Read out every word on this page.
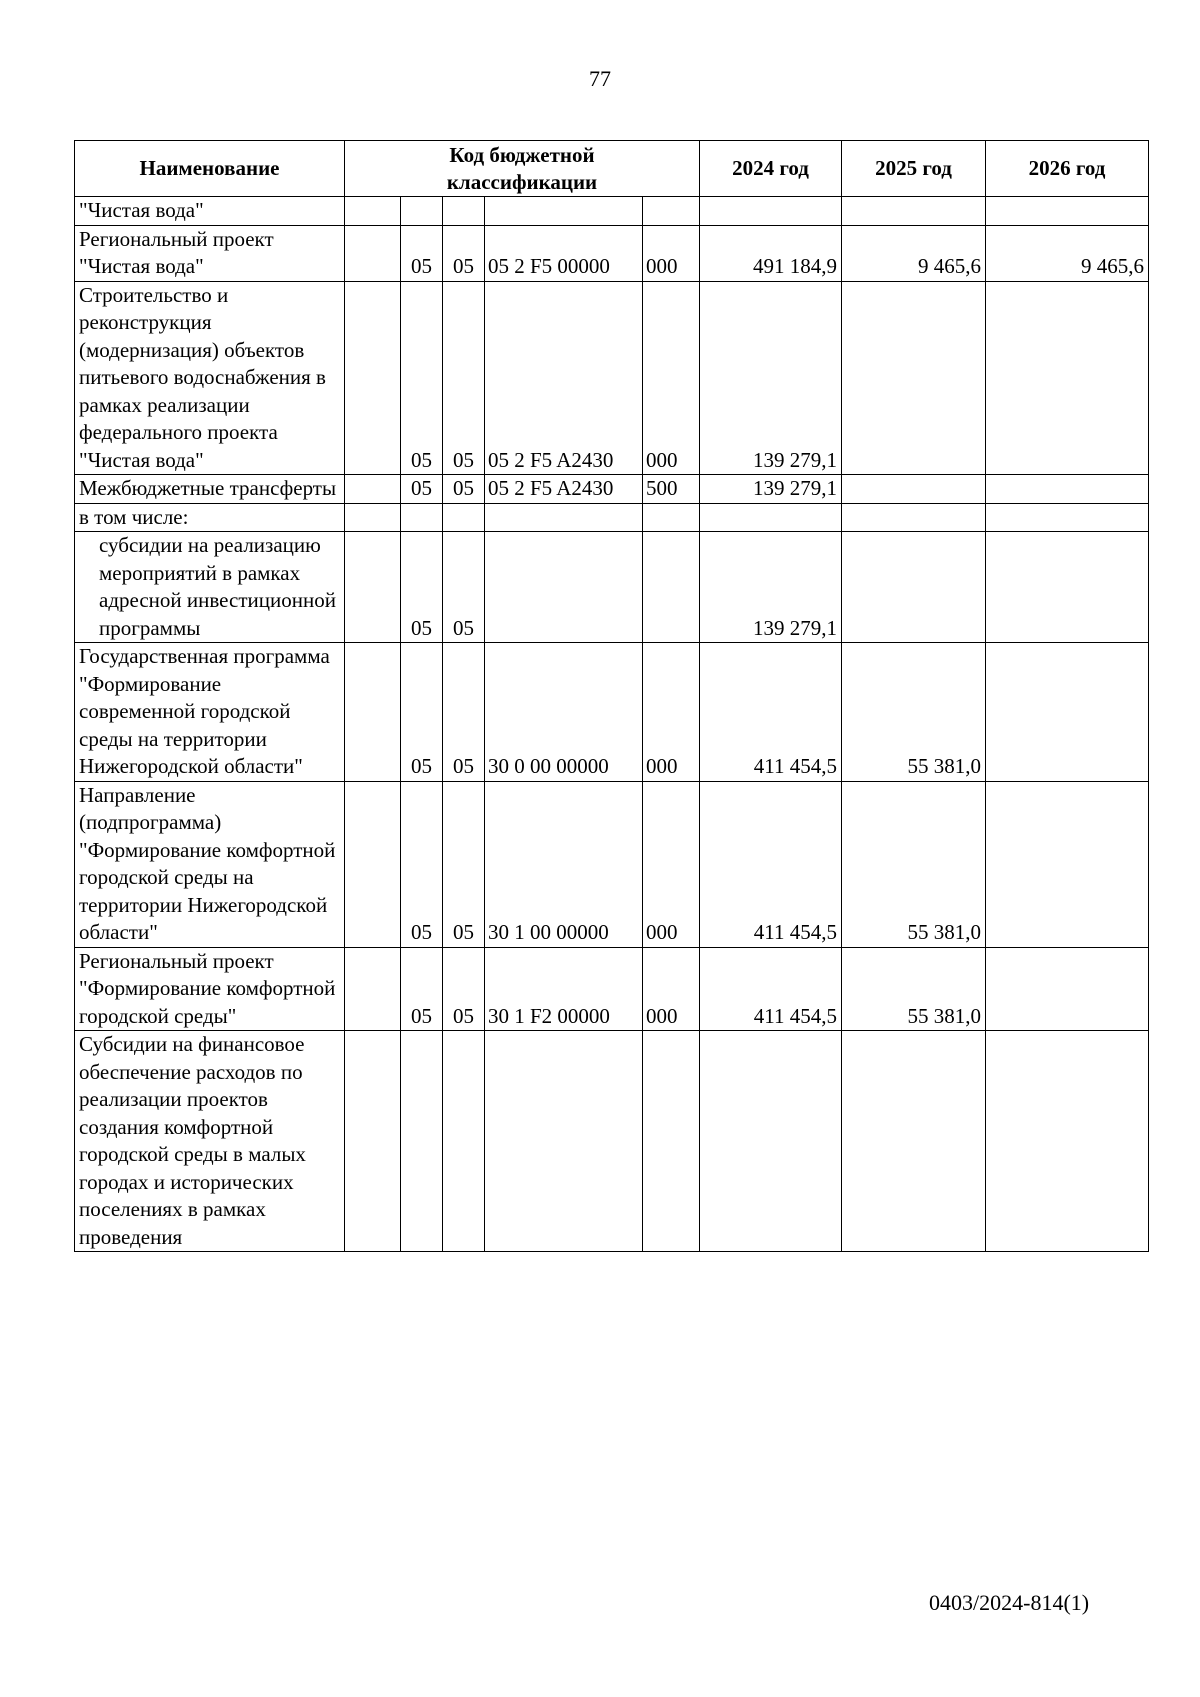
77
Наименование	Код бюджетной классификации					2024 год	2025 год	2026 год
"Чистая вода"								
Региональный проект "Чистая вода"		05	05	05 2 F5 00000	000	491 184,9	9 465,6	9 465,6
Строительство и реконструкция (модернизация) объектов питьевого водоснабжения в рамках реализации федерального проекта "Чистая вода"		05	05	05 2 F5 A2430	000	139 279,1		
Межбюджетные трансферты		05	05	05 2 F5 A2430	500	139 279,1		
в том числе:								
субсидии на реализацию мероприятий в рамках адресной инвестиционной программы		05	05			139 279,1		
Государственная программа "Формирование современной городской среды на территории Нижегородской области"		05	05	30 0 00 00000	000	411 454,5	55 381,0	
Направление (подпрограмма) "Формирование комфортной городской среды на территории Нижегородской области"		05	05	30 1 00 00000	000	411 454,5	55 381,0	
Региональный проект "Формирование комфортной городской среды"		05	05	30 1 F2 00000	000	411 454,5	55 381,0	
Субсидии на финансовое обеспечение расходов по реализации проектов создания комфортной городской среды в малых городах и исторических поселениях в рамках проведения								
0403/2024-814(1)
